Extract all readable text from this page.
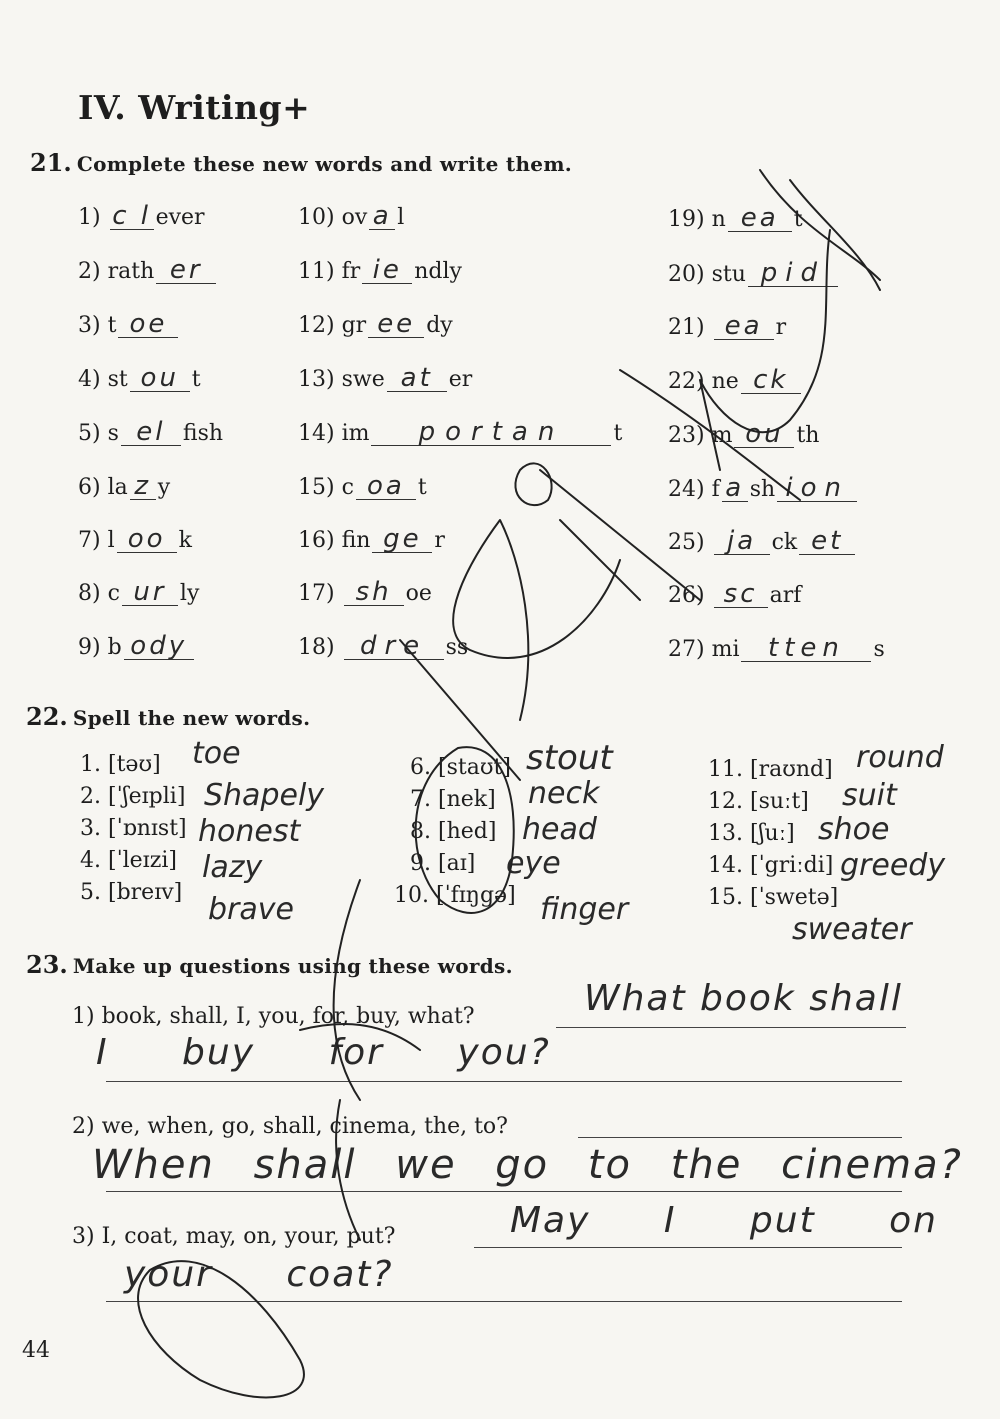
IV. Writing+
21. Complete these new words and write them.
1) c l ever
2) rath er
3) t oe
4) st ou t
5) s el fish
6) la z y
7) l oo k
8) c ur ly
9) b ody
10) ov a l
11) fr ie ndly
12) gr ee dy
13) swe at er
14) im portan t
15) c oa t
16) fin ge r
17) sh oe
18) dre ss
19) n ea t
20) stu pid
21) ea r
22) ne ck
23) m ou th
24) f a sh ion
25) ja ck et
26) sc arf
27) mi tten s
22. Spell the new words.
1. [təʊ]
2. [ˈʃeɪpli]
3. [ˈɒnɪst]
4. [ˈleɪzi]
5. [breɪv]
toe
Shapely
honest
lazy
brave
6. [staʊt]
7. [nek]
8. [hed]
9. [aɪ]
10. [ˈfɪŋgə]
stout
neck
head
eye
finger
11. [raʊnd]
12. [suːt]
13. [ʃuː]
14. [ˈgriːdi]
15. [ˈswetə]
round
suit
shoe
greedy
sweater
23. Make up questions using these words.
1) book, shall, I, you, for, buy, what?	What book shall
I buy for you?
2) we, when, go, shall, cinema, the, to?
When shall we go to the cinema?
3) I, coat, may, on, your, put?	May I put on
your coat?
44
